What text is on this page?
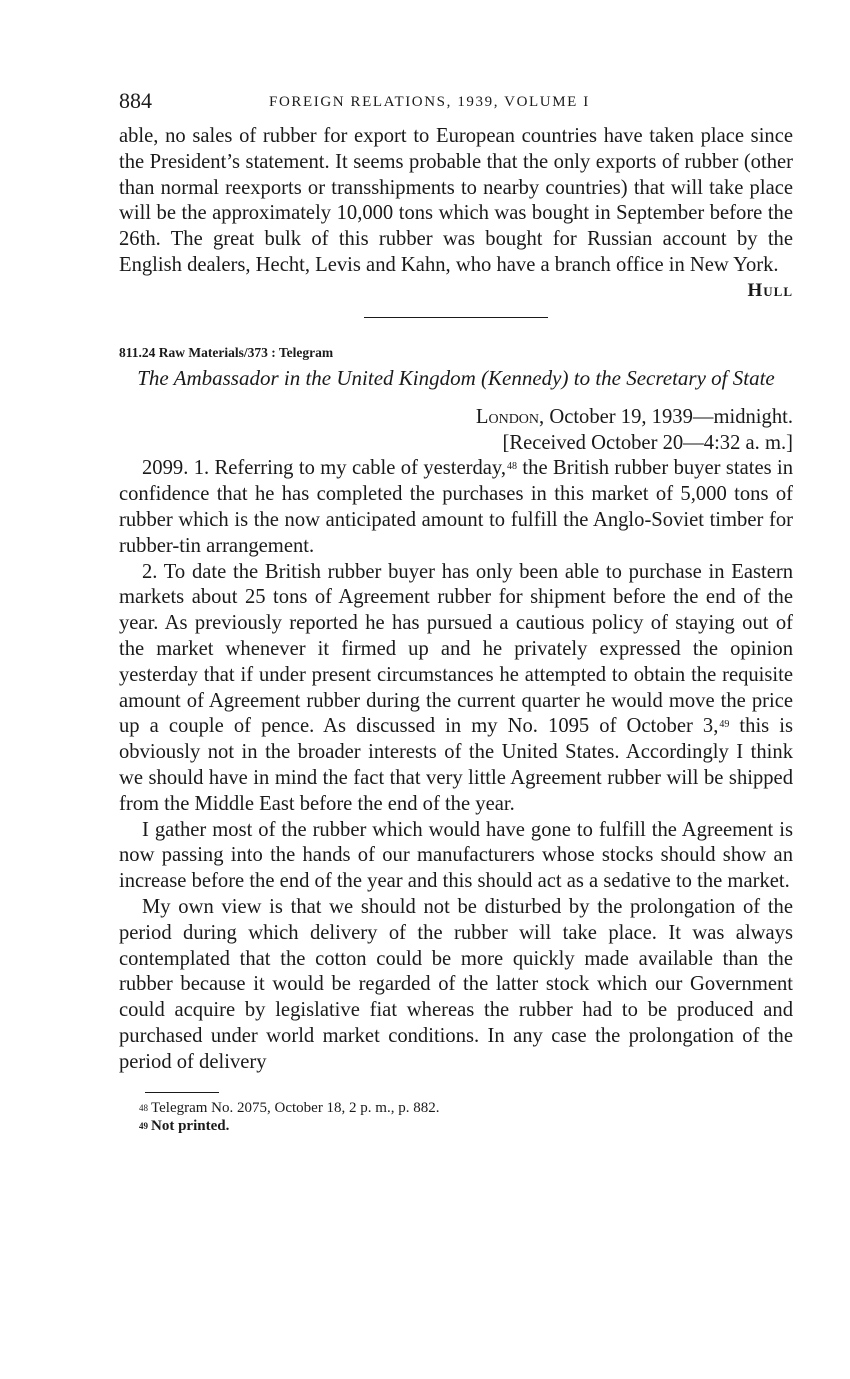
884	FOREIGN RELATIONS, 1939, VOLUME I

able, no sales of rubber for export to European countries have taken place since the President’s statement. It seems probable that the only exports of rubber (other than normal reexports or transshipments to nearby countries) that will take place will be the approximately 10,000 tons which was bought in September before the 26th. The great bulk of this rubber was bought for Russian account by the English dealers, Hecht, Levis and Kahn, who have a branch office in New York.

Hull

811.24 Raw Materials/373 : Telegram

The Ambassador in the United Kingdom (Kennedy) to the Secretary of State

London, October 19, 1939—midnight.

[Received October 20—4:32 a. m.]

2099. 1. Referring to my cable of yesterday,$^{48}$ the British rubber buyer states in confidence that he has completed the purchases in this market of 5,000 tons of rubber which is the now anticipated amount to fulfill the Anglo-Soviet timber for rubber-tin arrangement.

2. To date the British rubber buyer has only been able to purchase in Eastern markets about 25 tons of Agreement rubber for shipment before the end of the year. As previously reported he has pursued a cautious policy of staying out of the market whenever it firmed up and he privately expressed the opinion yesterday that if under present circumstances he attempted to obtain the requisite amount of Agreement rubber during the current quarter he would move the price up a couple of pence. As discussed in my No. 1095 of October 3,49 this is obviously not in the broader interests of the United States. Accordingly I think we should have in mind the fact that very little Agreement rubber will be shipped from the Middle East before the end of the year.

I gather most of the rubber which would have gone to fulfill the Agreement is now passing into the hands of our manufacturers whose stocks should show an increase before the end of the year and this should act as a sedative to the market.

My own view is that we should not be disturbed by the prolongation of the period during which delivery of the rubber will take place. It was always contemplated that the cotton could be more quickly made available than the rubber because it would be regarded of the latter stock which our Government could acquire by legislative fiat whereas the rubber had to be produced and purchased under world market conditions. In any case the prolongation of the period of delivery

$^{48}$ Telegram No. 2075, October 18, 2 p. m., p. 882.

$^{49}$ Not printed.
